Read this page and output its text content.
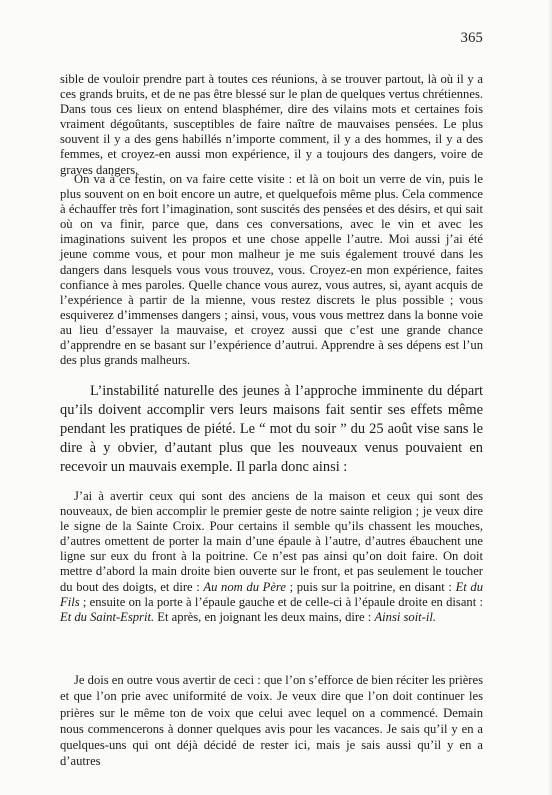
365

sible de vouloir prendre part à toutes ces réunions, à se trouver partout, là où il y a ces grands bruits, et de ne pas être blessé sur le plan de quelques vertus chrétiennes. Dans tous ces lieux on entend blasphémer, dire des vilains mots et certaines fois vraiment dégoûtants, susceptibles de faire naître de mauvaises pensées. Le plus souvent il y a des gens habillés n’importe comment, il y a des hommes, il y a des femmes, et croyez-en aussi mon expérience, il y a toujours des dangers, voire de graves dangers.

On va à ce festin, on va faire cette visite : et là on boit un verre de vin, puis le plus souvent on en boit encore un autre, et quelquefois même plus. Cela commence à échauffer très fort l’imagination, sont suscités des pensées et des désirs, et qui sait où on va finir, parce que, dans ces conversations, avec le vin et avec les imaginations suivent les propos et une chose appelle l’autre. Moi aussi j’ai été jeune comme vous, et pour mon malheur je me suis également trouvé dans les dangers dans lesquels vous vous trouvez, vous. Croyez-en mon expérience, faites confiance à mes paroles. Quelle chance vous aurez, vous autres, si, ayant acquis de l’expérience à partir de la mienne, vous restez discrets le plus possible ; vous esquiverez d’immenses dangers ; ainsi, vous, vous vous mettrez dans la bonne voie au lieu d’essayer la mauvaise, et croyez aussi que c’est une grande chance d’apprendre en se basant sur l’expérience d’autrui. Apprendre à ses dépens est l’un des plus grands malheurs.

L’instabilité naturelle des jeunes à l’approche imminente du départ qu’ils doivent accomplir vers leurs maisons fait sentir ses effets même pendant les pratiques de piété. Le “ mot du soir ” du 25 août vise sans le dire à y obvier, d’autant plus que les nouveaux venus pouvaient en recevoir un mauvais exemple. Il parla donc ainsi :

J’ai à avertir ceux qui sont des anciens de la maison et ceux qui sont des nouveaux, de bien accomplir le premier geste de notre sainte religion ; je veux dire le signe de la Sainte Croix. Pour certains il semble qu’ils chassent les mouches, d’autres omettent de porter la main d’une épaule à l’autre, d’autres ébauchent une ligne sur eux du front à la poitrine. Ce n’est pas ainsi qu’on doit faire. On doit mettre d’abord la main droite bien ouverte sur le front, et pas seulement le toucher du bout des doigts, et dire : Au nom du Père ; puis sur la poitrine, en disant : Et du Fils ; ensuite on la porte à l’épaule gauche et de celle-ci à l’épaule droite en disant : Et du Saint-Esprit. Et après, en joignant les deux mains, dire : Ainsi soit-il.

Je dois en outre vous avertir de ceci : que l’on s’efforce de bien réciter les prières et que l’on prie avec uniformité de voix. Je veux dire que l’on doit continuer les prières sur le même ton de voix que celui avec lequel on a commencé. Demain nous commencerons à donner quelques avis pour les vacances. Je sais qu’il y en a quelques-uns qui ont déjà décidé de rester ici, mais je sais aussi qu’il y en a d’autres
